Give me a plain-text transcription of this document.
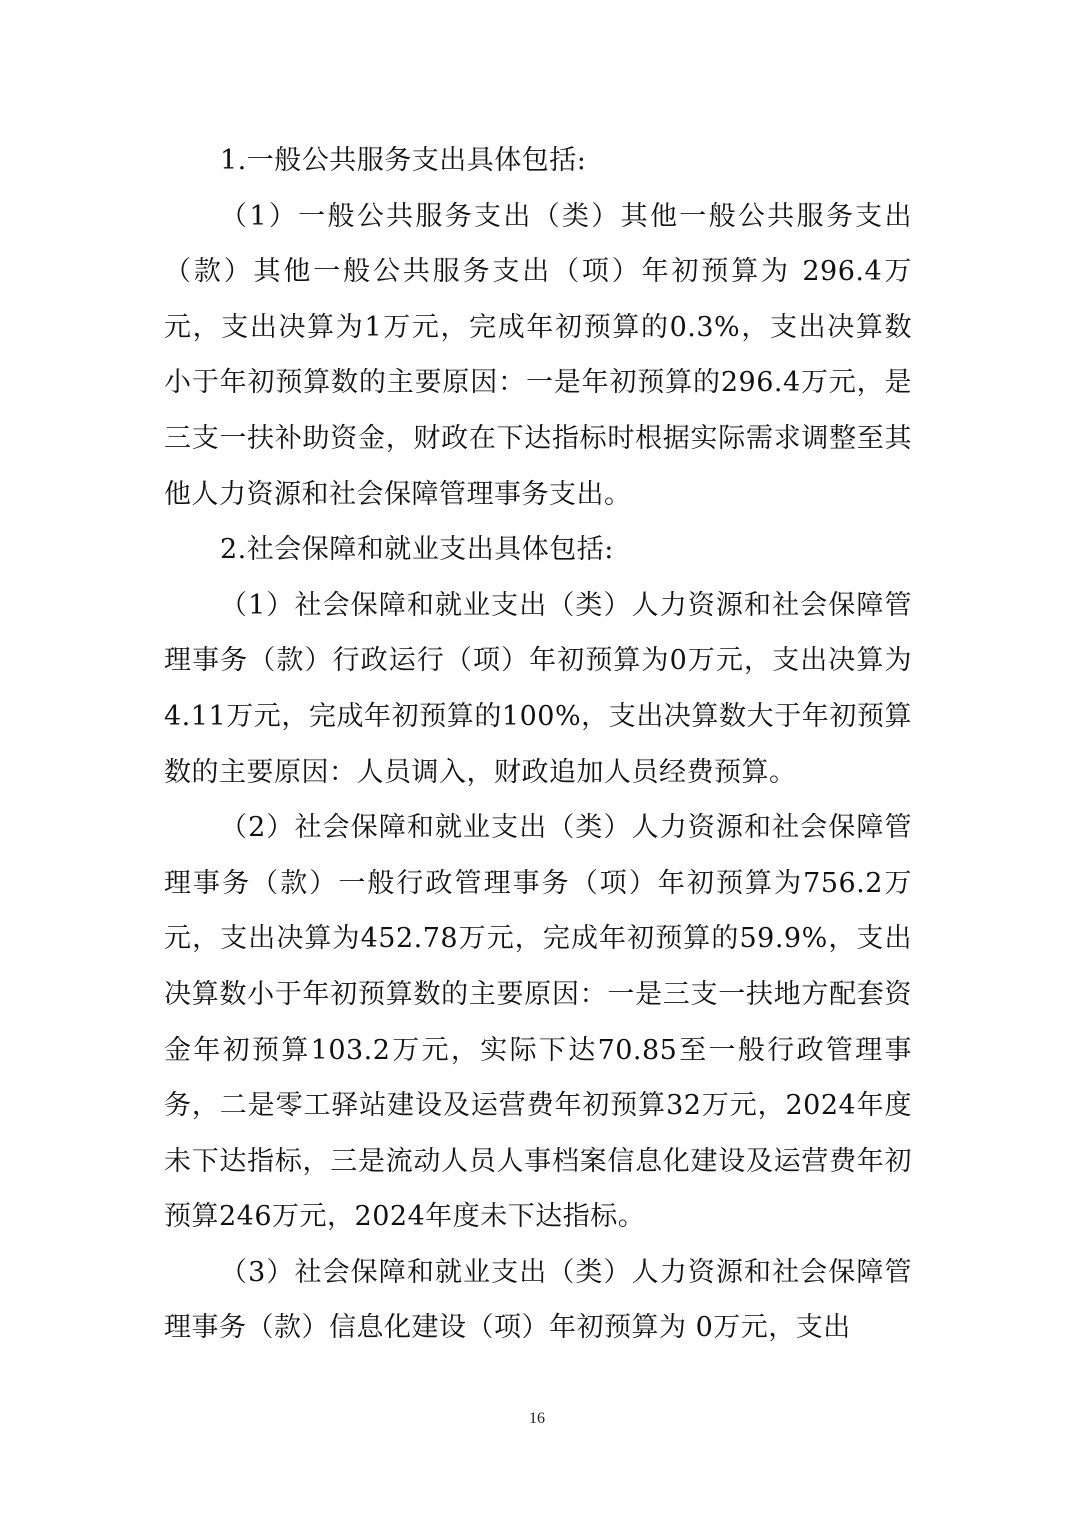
1.一般公共服务支出具体包括:

（1）一般公共服务支出（类）其他一般公共服务支出（款）其他一般公共服务支出（项）年初预算为 296.4万元，支出决算为1万元，完成年初预算的0.3%，支出决算数小于年初预算数的主要原因：一是年初预算的296.4万元，是三支一扶补助资金，财政在下达指标时根据实际需求调整至其他人力资源和社会保障管理事务支出。

2.社会保障和就业支出具体包括:

（1）社会保障和就业支出（类）人力资源和社会保障管理事务（款）行政运行（项）年初预算为0万元，支出决算为4.11万元，完成年初预算的100%，支出决算数大于年初预算数的主要原因：人员调入，财政追加人员经费预算。

（2）社会保障和就业支出（类）人力资源和社会保障管理事务（款）一般行政管理事务（项）年初预算为756.2万元，支出决算为452.78万元，完成年初预算的59.9%，支出决算数小于年初预算数的主要原因：一是三支一扶地方配套资金年初预算103.2万元，实际下达70.85至一般行政管理事务，二是零工驿站建设及运营费年初预算32万元，2024年度未下达指标，三是流动人员人事档案信息化建设及运营费年初预算246万元，2024年度未下达指标。

（3）社会保障和就业支出（类）人力资源和社会保障管理事务（款）信息化建设（项）年初预算为 0万元，支出

16
